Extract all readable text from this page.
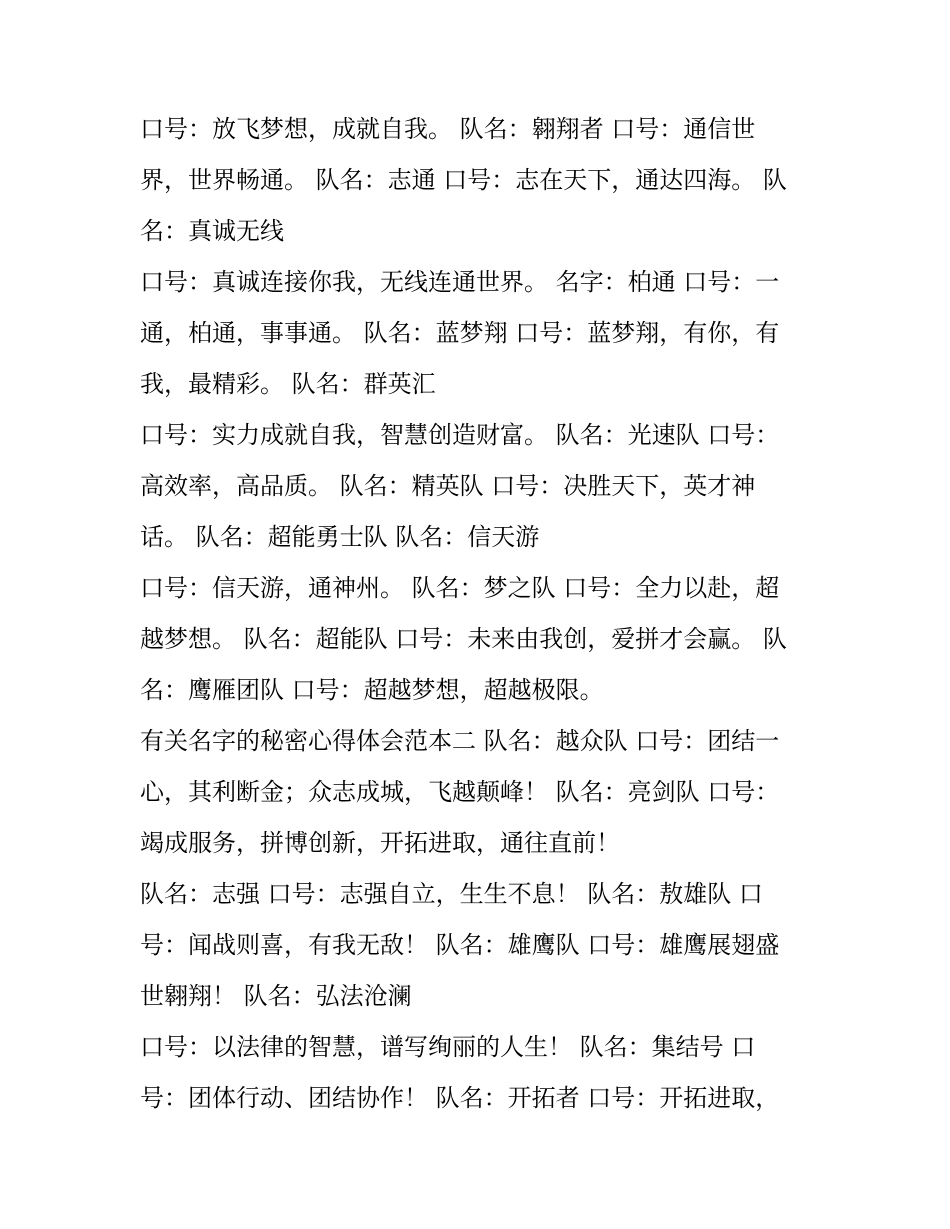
口号：放飞梦想，成就自我。 队名：翱翔者 口号：通信世
界，世界畅通。 队名：志通 口号：志在天下，通达四海。 队
名：真诚无线
口号：真诚连接你我，无线连通世界。 名字：柏通 口号：一
通，柏通，事事通。 队名：蓝梦翔 口号：蓝梦翔，有你，有
我，最精彩。 队名：群英汇
口号：实力成就自我，智慧创造财富。 队名：光速队 口号：
高效率，高品质。 队名：精英队 口号：决胜天下，英才神
话。 队名：超能勇士队 队名：信天游
口号：信天游，通神州。 队名：梦之队 口号：全力以赴，超
越梦想。 队名：超能队 口号：未来由我创，爱拼才会赢。 队
名：鹰雁团队 口号：超越梦想，超越极限。
有关名字的秘密心得体会范本二 队名：越众队 口号：团结一
心，其利断金；众志成城，飞越颠峰！ 队名：亮剑队 口号：
竭成服务，拼博创新，开拓进取，通往直前！
队名：志强 口号：志强自立，生生不息！ 队名：敖雄队 口
号：闻战则喜，有我无敌！ 队名：雄鹰队 口号：雄鹰展翅盛
世翱翔！ 队名：弘法沧澜
口号：以法律的智慧，谱写绚丽的人生！ 队名：集结号 口
号：团体行动、团结协作！ 队名：开拓者 口号：开拓进取，
